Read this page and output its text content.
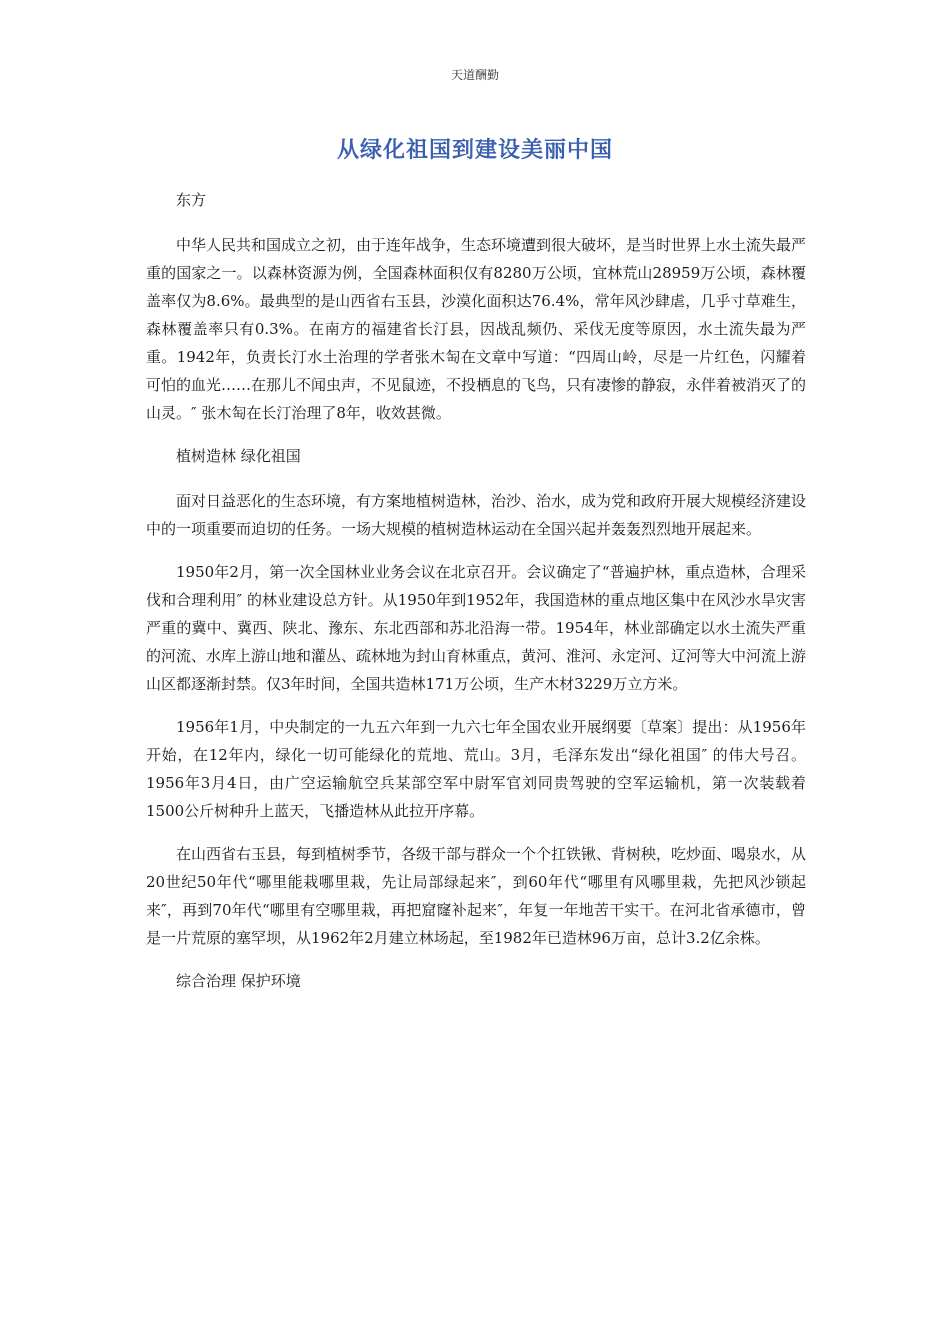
天道酬勤
从绿化祖国到建设美丽中国

东方

中华人民共和国成立之初，由于连年战争，生态环境遭到很大破坏，是当时世界上水土流失最严重的国家之一。以森林资源为例，全国森林面积仅有8280万公顷，宜林荒山28959万公顷，森林覆盖率仅为8.6%。最典型的是山西省右玉县，沙漠化面积达76.4%，常年风沙肆虐，几乎寸草难生，森林覆盖率只有0.3%。在南方的福建省长汀县，因战乱频仍、采伐无度等原因，水土流失最为严重。1942年，负责长汀水土治理的学者张木匋在文章中写道：“四周山岭，尽是一片红色，闪耀着可怕的血光……在那儿不闻虫声，不见鼠迹，不投栖息的飞鸟，只有凄惨的静寂，永伴着被消灭了的山灵。″ 张木匋在长汀治理了8年，收效甚微。

植树造林 绿化祖国

面对日益恶化的生态环境，有方案地植树造林，治沙、治水，成为党和政府开展大规模经济建设中的一项重要而迫切的任务。一场大规模的植树造林运动在全国兴起并轰轰烈烈地开展起来。

1950年2月，第一次全国林业业务会议在北京召开。会议确定了“普遍护林，重点造林，合理采伐和合理利用″ 的林业建设总方针。从1950年到1952年，我国造林的重点地区集中在风沙水旱灾害严重的冀中、冀西、陕北、豫东、东北西部和苏北沿海一带。1954年，林业部确定以水土流失严重的河流、水库上游山地和灌丛、疏林地为封山育林重点，黄河、淮河、永定河、辽河等大中河流上游山区都逐渐封禁。仅3年时间，全国共造林171万公顷，生产木材3229万立方米。

1956年1月，中央制定的一九五六年到一九六七年全国农业开展纲要〔草案〕提出：从1956年开始，在12年内，绿化一切可能绿化的荒地、荒山。3月，毛泽东发出“绿化祖国″ 的伟大号召。1956年3月4日，由广空运输航空兵某部空军中尉军官刘同贵驾驶的空军运输机，第一次装载着1500公斤树种升上蓝天，飞播造林从此拉开序幕。

在山西省右玉县，每到植树季节，各级干部与群众一个个扛铁锹、背树秧，吃炒面、喝泉水，从20世纪50年代“哪里能栽哪里栽，先让局部绿起来″，到60年代“哪里有风哪里栽，先把风沙锁起来″，再到70年代“哪里有空哪里栽，再把窟窿补起来″，年复一年地苦干实干。在河北省承德市，曾是一片荒原的塞罕坝，从1962年2月建立林场起，至1982年已造林96万亩，总计3.2亿余株。

综合治理 保护环境
